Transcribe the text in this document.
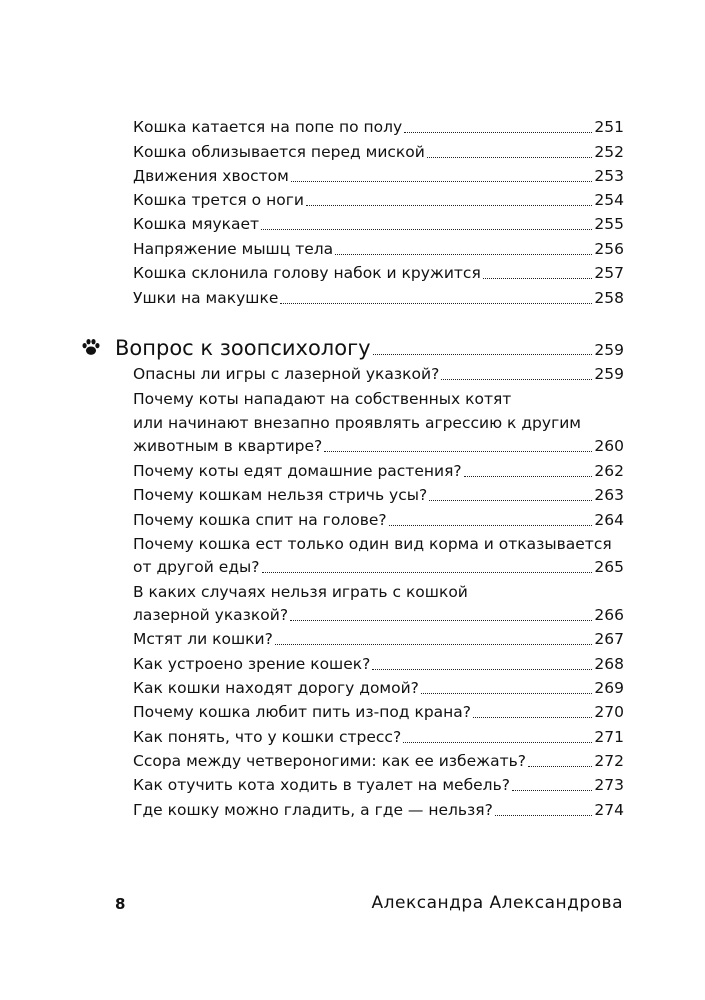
Кошка катается на попе по полу	251
Кошка облизывается перед миской	252
Движения хвостом	253
Кошка трется о ноги	254
Кошка мяукает	255
Напряжение мышц тела	256
Кошка склонила голову набок и кружится	257
Ушки на макушке	258
Вопрос к зоопсихологу	259
Опасны ли игры с лазерной указкой?	259
Почему коты нападают на собственных котят
или начинают внезапно проявлять агрессию к другим
животным в квартире?	260
Почему коты едят домашние растения?	262
Почему кошкам нельзя стричь усы?	263
Почему кошка спит на голове?	264
Почему кошка ест только один вид корма и отказывается
от другой еды?	265
В каких случаях нельзя играть с кошкой
лазерной указкой?	266
Мстят ли кошки?	267
Как устроено зрение кошек?	268
Как кошки находят дорогу домой?	269
Почему кошка любит пить из-под крана?	270
Как понять, что у кошки стресс?	271
Ссора между четвероногими: как ее избежать?	272
Как отучить кота ходить в туалет на мебель?	273
Где кошку можно гладить, а где — нельзя?	274
8	Александра Александрова
